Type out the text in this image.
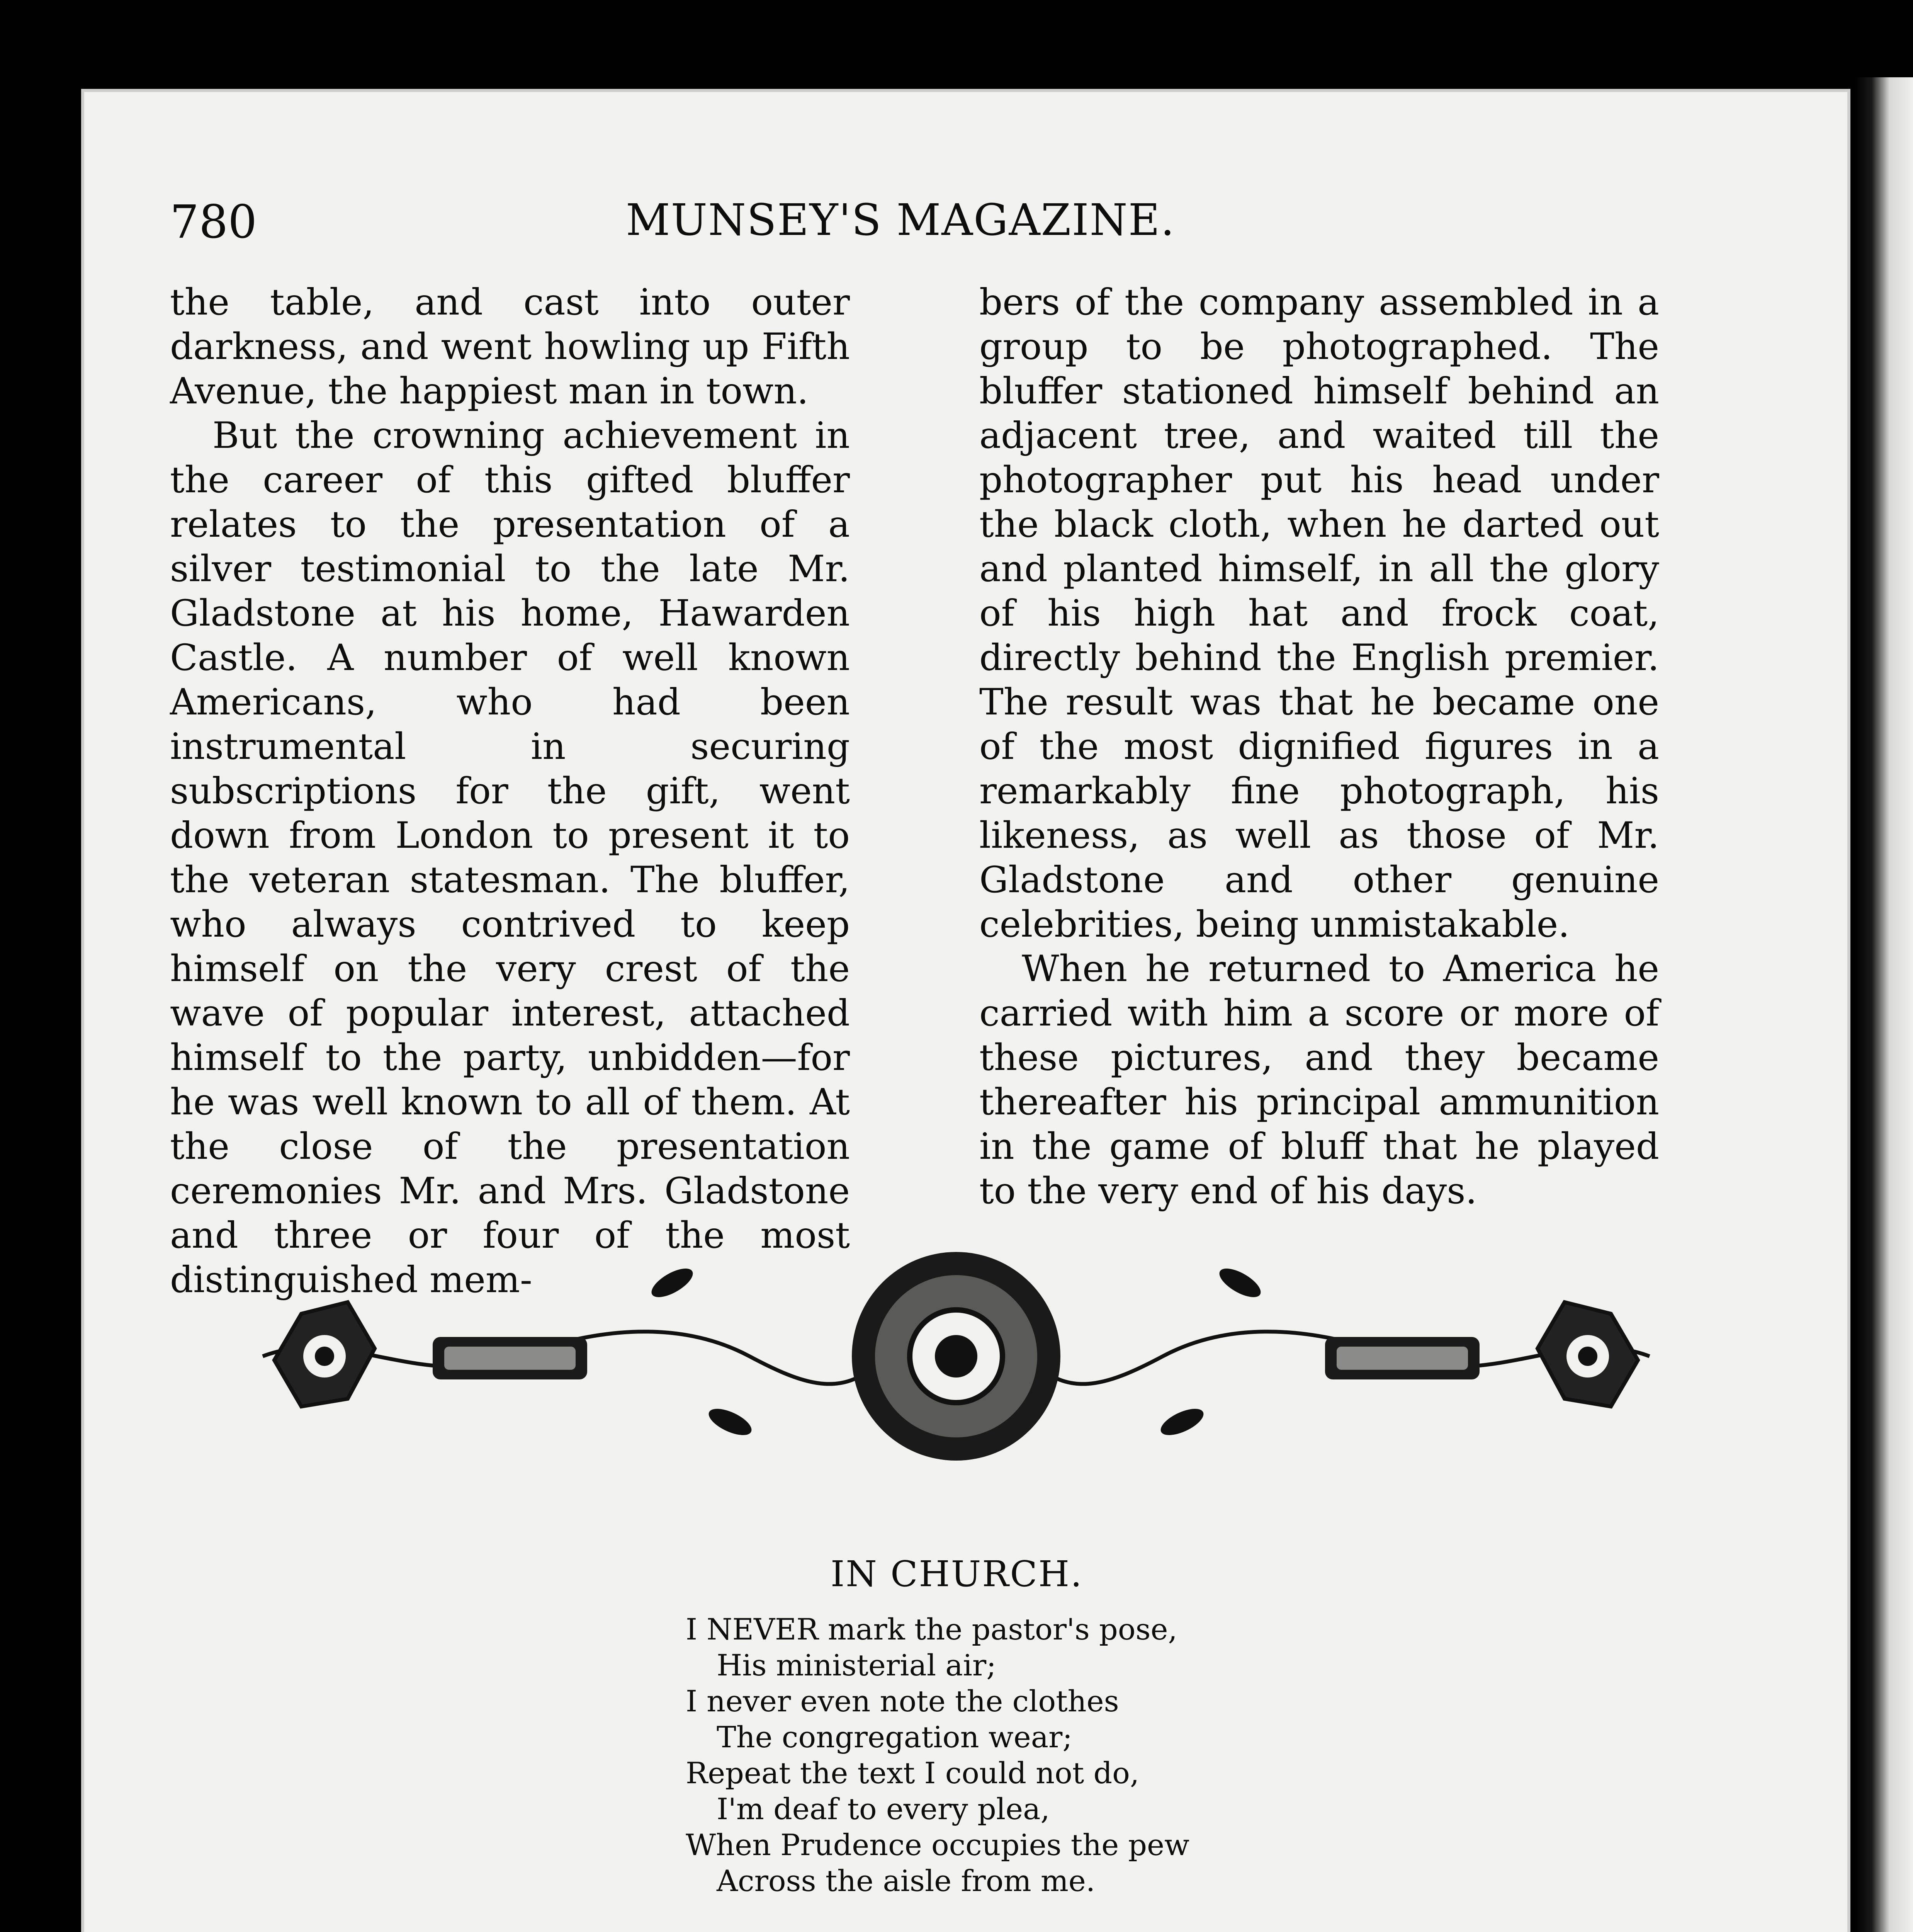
780	MUNSEY'S MAGAZINE.

the table, and cast into outer darkness, and went howling up Fifth Avenue, the happiest man in town.

But the crowning achievement in the career of this gifted bluffer relates to the presentation of a silver testimonial to the late Mr. Gladstone at his home, Hawarden Castle. A number of well known Americans, who had been instrumental in securing subscriptions for the gift, went down from London to present it to the veteran statesman. The bluffer, who always contrived to keep himself on the very crest of the wave of popular interest, attached himself to the party, unbidden—for he was well known to all of them. At the close of the presentation ceremonies Mr. and Mrs. Gladstone and three or four of the most distinguished mem-

bers of the company assembled in a group to be photographed. The bluffer stationed himself behind an adjacent tree, and waited till the photographer put his head under the black cloth, when he darted out and planted himself, in all the glory of his high hat and frock coat, directly behind the English premier. The result was that he became one of the most dignified figures in a remarkably fine photograph, his likeness, as well as those of Mr. Gladstone and other genuine celebrities, being unmistakable.

When he returned to America he carried with him a score or more of these pictures, and they became thereafter his principal ammunition in the game of bluff that he played to the very end of his days.

IN CHURCH.
I NEVER mark the pastor's pose,
His ministerial air;
I never even note the clothes
The congregation wear;
Repeat the text I could not do,
I'm deaf to every plea,
When Prudence occupies the pew
Across the aisle from me.
